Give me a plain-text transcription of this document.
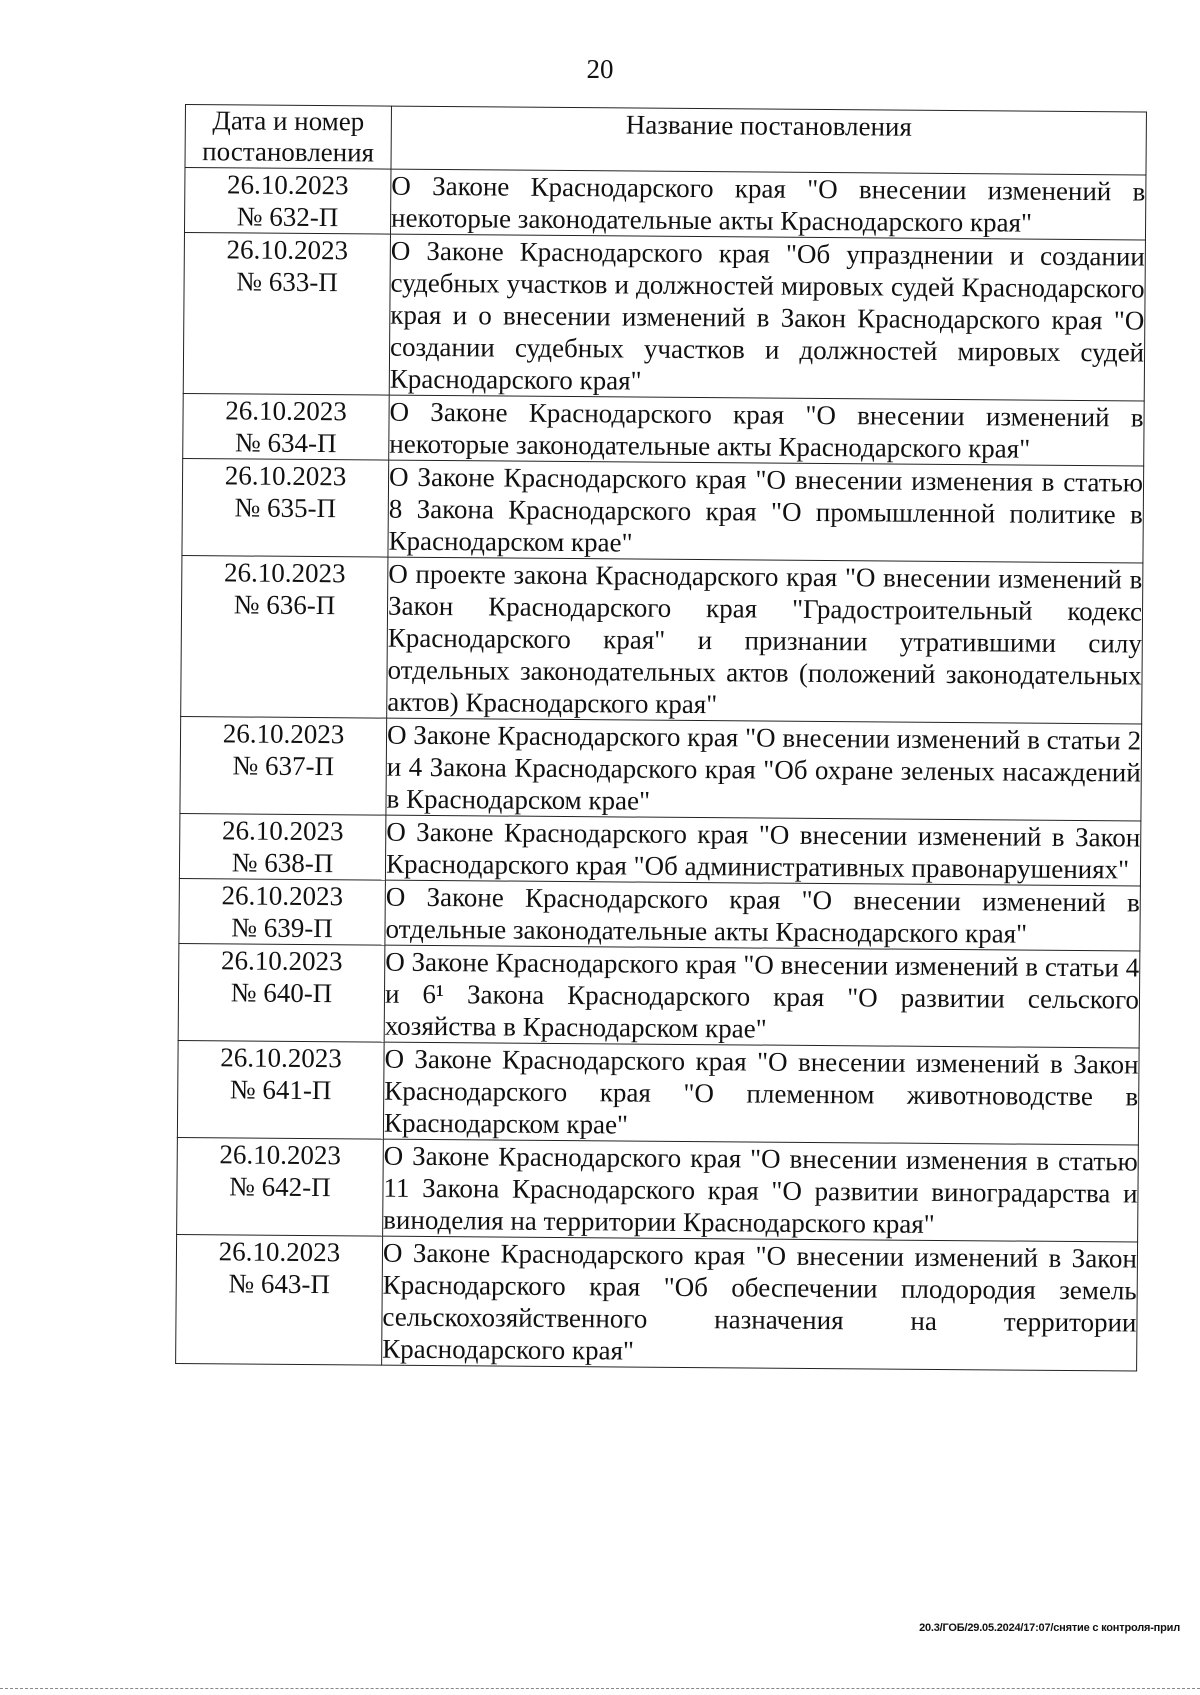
20
Дата и номер постановления	Название постановления

26.10.2023
№ 632-П	О Законе Краснодарского края "О внесении изменений в некоторые законодательные акты Краснодарского края"

26.10.2023
№ 633-П	О Законе Краснодарского края "Об упразднении и создании судебных участков и должностей мировых судей Краснодарского края и о внесении изменений в Закон Краснодарского края "О создании судебных участков и должностей мировых судей Краснодарского края"

26.10.2023
№ 634-П	О Законе Краснодарского края "О внесении изменений в некоторые законодательные акты Краснодарского края"

26.10.2023
№ 635-П	О Законе Краснодарского края "О внесении изменения в статью 8 Закона Краснодарского края "О промышленной политике в Краснодарском крае"

26.10.2023
№ 636-П	О проекте закона Краснодарского края "О внесении изменений в Закон Краснодарского края "Градостроительный кодекс Краснодарского края" и признании утратившими силу отдельных законодательных актов (положений законодательных актов) Краснодарского края"

26.10.2023
№ 637-П	О Законе Краснодарского края "О внесении изменений в статьи 2 и 4 Закона Краснодарского края "Об охране зеленых насаждений в Краснодарском крае"

26.10.2023
№ 638-П	О Законе Краснодарского края "О внесении изменений в Закон Краснодарского края "Об административных правонарушениях"

26.10.2023
№ 639-П	О Законе Краснодарского края "О внесении изменений в отдельные законодательные акты Краснодарского края"

26.10.2023
№ 640-П	О Законе Краснодарского края "О внесении изменений в статьи 4 и 6¹ Закона Краснодарского края "О развитии сельского хозяйства в Краснодарском крае"

26.10.2023
№ 641-П	О Законе Краснодарского края "О внесении изменений в Закон Краснодарского края "О племенном животноводстве в Краснодарском крае"

26.10.2023
№ 642-П	О Законе Краснодарского края "О внесении изменения в статью 11 Закона Краснодарского края "О развитии виноградарства и виноделия на территории Краснодарского края"

26.10.2023
№ 643-П	О Законе Краснодарского края "О внесении изменений в Закон Краснодарского края "Об обеспечении плодородия земель сельскохозяйственного назначения на территории Краснодарского края"
20.3/ГОБ/29.05.2024/17:07/снятие с контроля-прил
